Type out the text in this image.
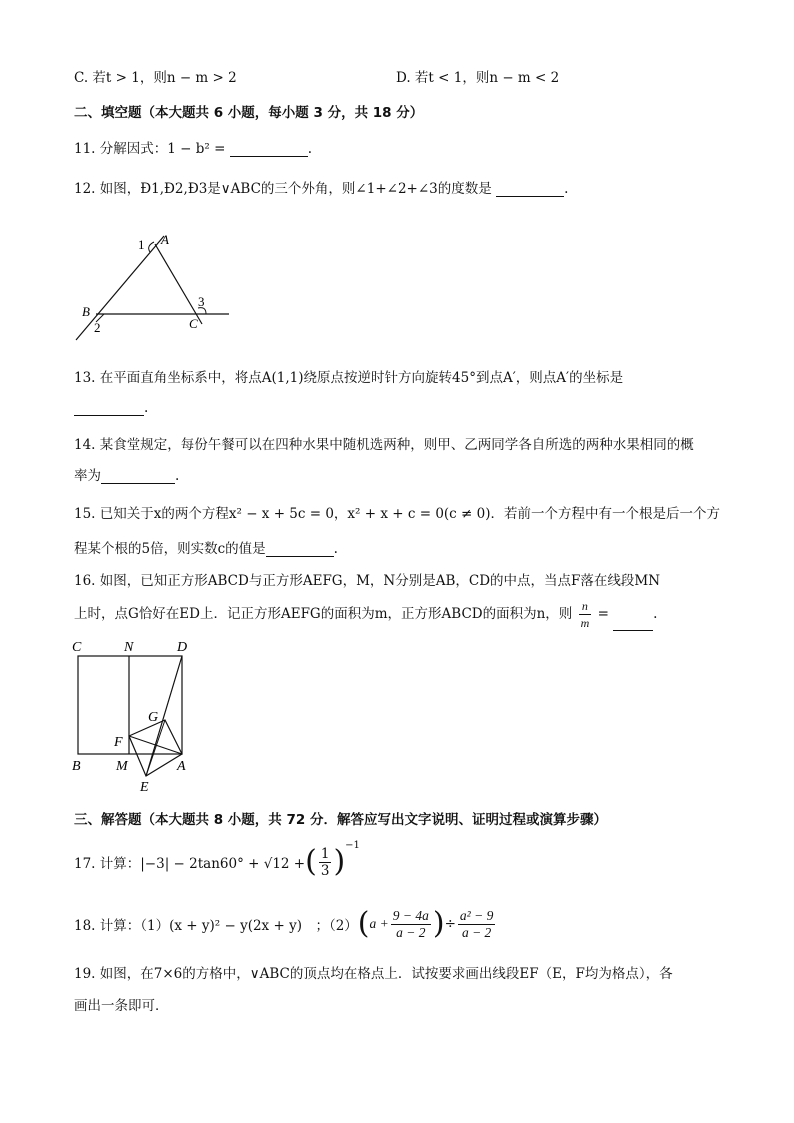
C. 若t > 1，则n − m > 2	D. 若t < 1，则n − m < 2
二、填空题（本大题共 6 小题，每小题 3 分，共 18 分）
11. 分解因式：1 − b² =	.
12. 如图，Ð1,Ð2,Ð3是∨ABC的三个外角，则∠1+∠2+∠3的度数是	.
1 A
3
B
2	C
13. 在平面直角坐标系中，将点A(1,1)绕原点按逆时针方向旋转45°到点A′，则点A′的坐标是
.
14. 某食堂规定，每份午餐可以在四种水果中随机选两种，则甲、乙两同学各自所选的两种水果相同的概
率为	.
15. 已知关于x的两个方程x² − x + 5c = 0，x² + x + c = 0(c ≠ 0)．若前一个方程中有一个根是后一个方
程某个根的5倍，则实数c的值是	.
16. 如图，已知正方形ABCD与正方形AEFG，M，N分别是AB，CD的中点，当点F落在线段MN
上时，点G恰好在ED上．记正方形AEFG的面积为m，正方形ABCD的面积为n，则 $\frac{n}{m}$ =	.
C	N	D
G
F
B	M	A
E
三、解答题（本大题共 8 小题，共 72 分．解答应写出文字说明、证明过程或演算步骤）
17. 计算：|−3| − 2tan60° + √12 + ( $\frac{1}{3} )^{-1}$
18. 计算：（1）(x + y)² − y(2x + y)　；（2） ( $a + \frac{9 - 4a}{a - 2}$ ) ÷ $\frac{\text{a² − 9}}{a - 2}$
19. 如图，在7×6的方格中，∨ABC的顶点均在格点上．试按要求画出线段EF（E，F均为格点），各
画出一条即可．
